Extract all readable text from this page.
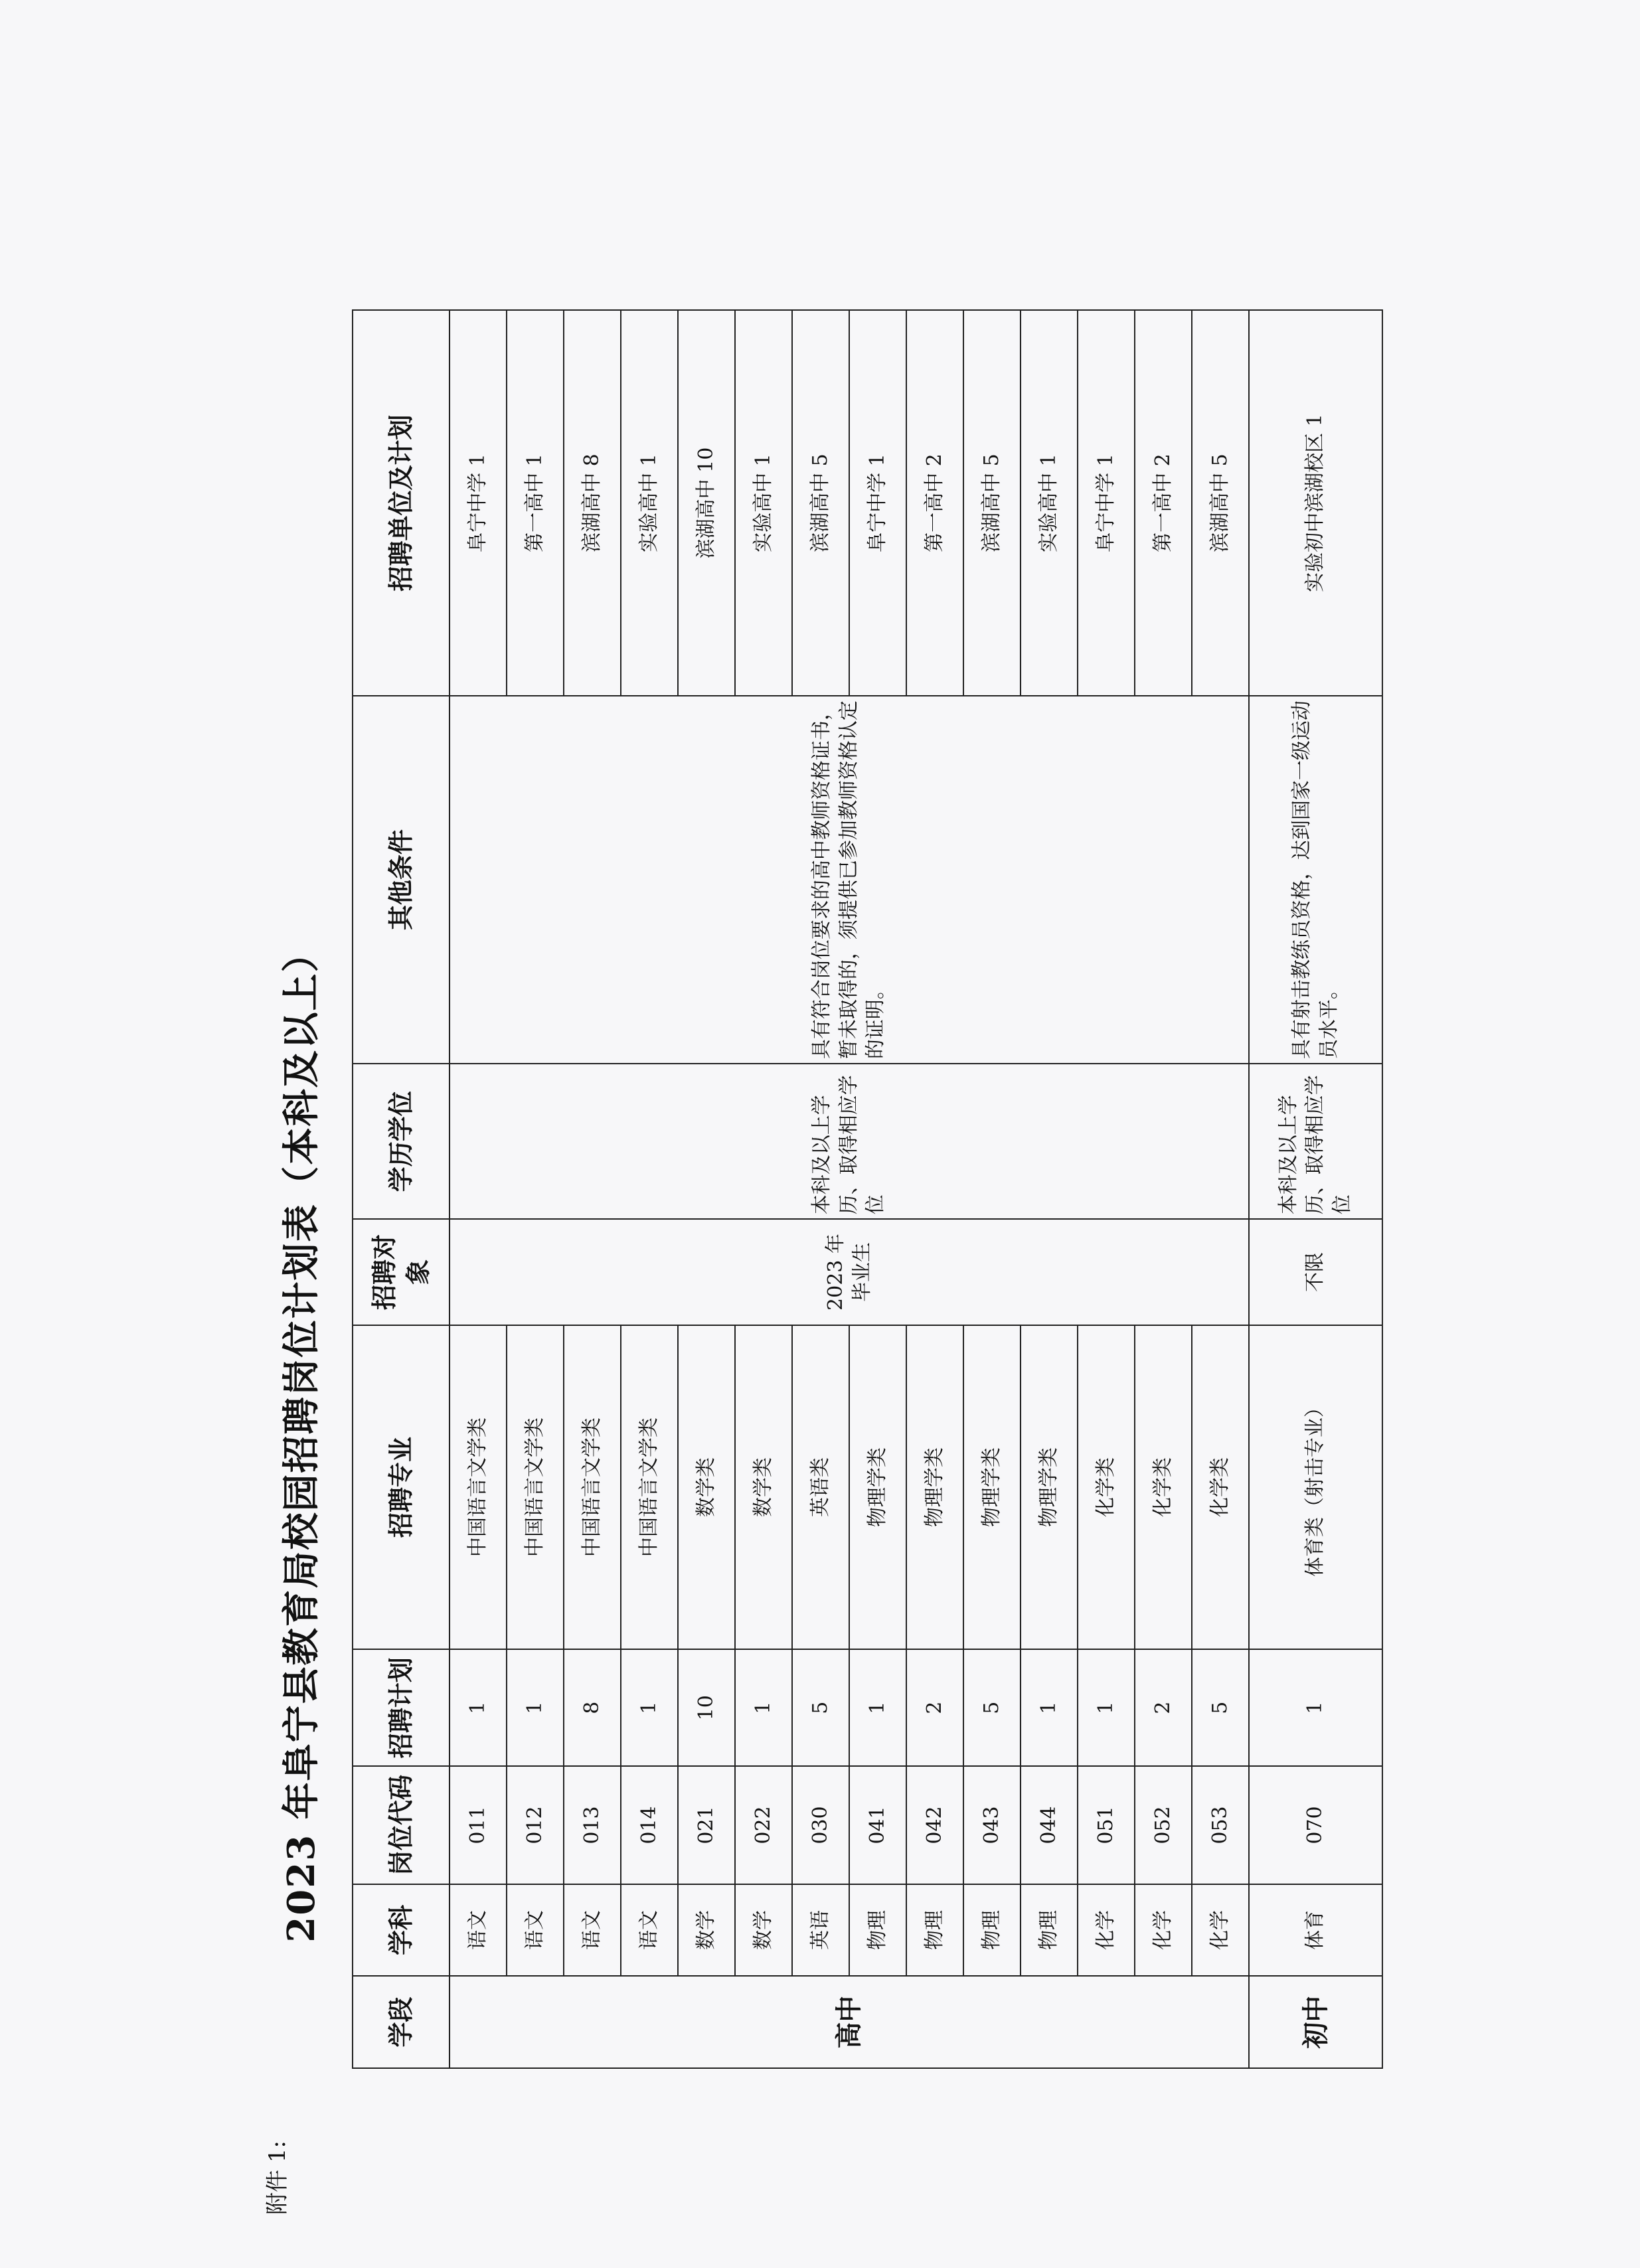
附件 1:
2023 年阜宁县教育局校园招聘岗位计划表（本科及以上）
学段	学科	岗位代码	招聘计划	招聘专业	招聘对象	学历学位	其他条件	招聘单位及计划
高中	语文	011	1	中国语言文学类	2023 年毕业生	本科及以上学历、取得相应学位	具有符合岗位要求的高中教师资格证书，暂未取得的，须提供已参加教师资格认定的证明。	阜宁中学 1
	语文	012	1	中国语言文学类				第一高中 1
	语文	013	8	中国语言文学类				滨湖高中 8
	语文	014	1	中国语言文学类				实验高中 1
	数学	021	10	数学类				滨湖高中 10
	数学	022	1	数学类				实验高中 1
	英语	030	5	英语类				滨湖高中 5
	物理	041	1	物理学类				阜宁中学 1
	物理	042	2	物理学类				第一高中 2
	物理	043	5	物理学类				滨湖高中 5
	物理	044	1	物理学类				实验高中 1
	化学	051	1	化学类				阜宁中学 1
	化学	052	2	化学类				第一高中 2
	化学	053	5	化学类				滨湖高中 5
初中	体育	070	1	体育类（射击专业）	不限	本科及以上学历、取得相应学位	具有射击教练员资格，达到国家一级运动员水平。	实验初中滨湖校区 1
